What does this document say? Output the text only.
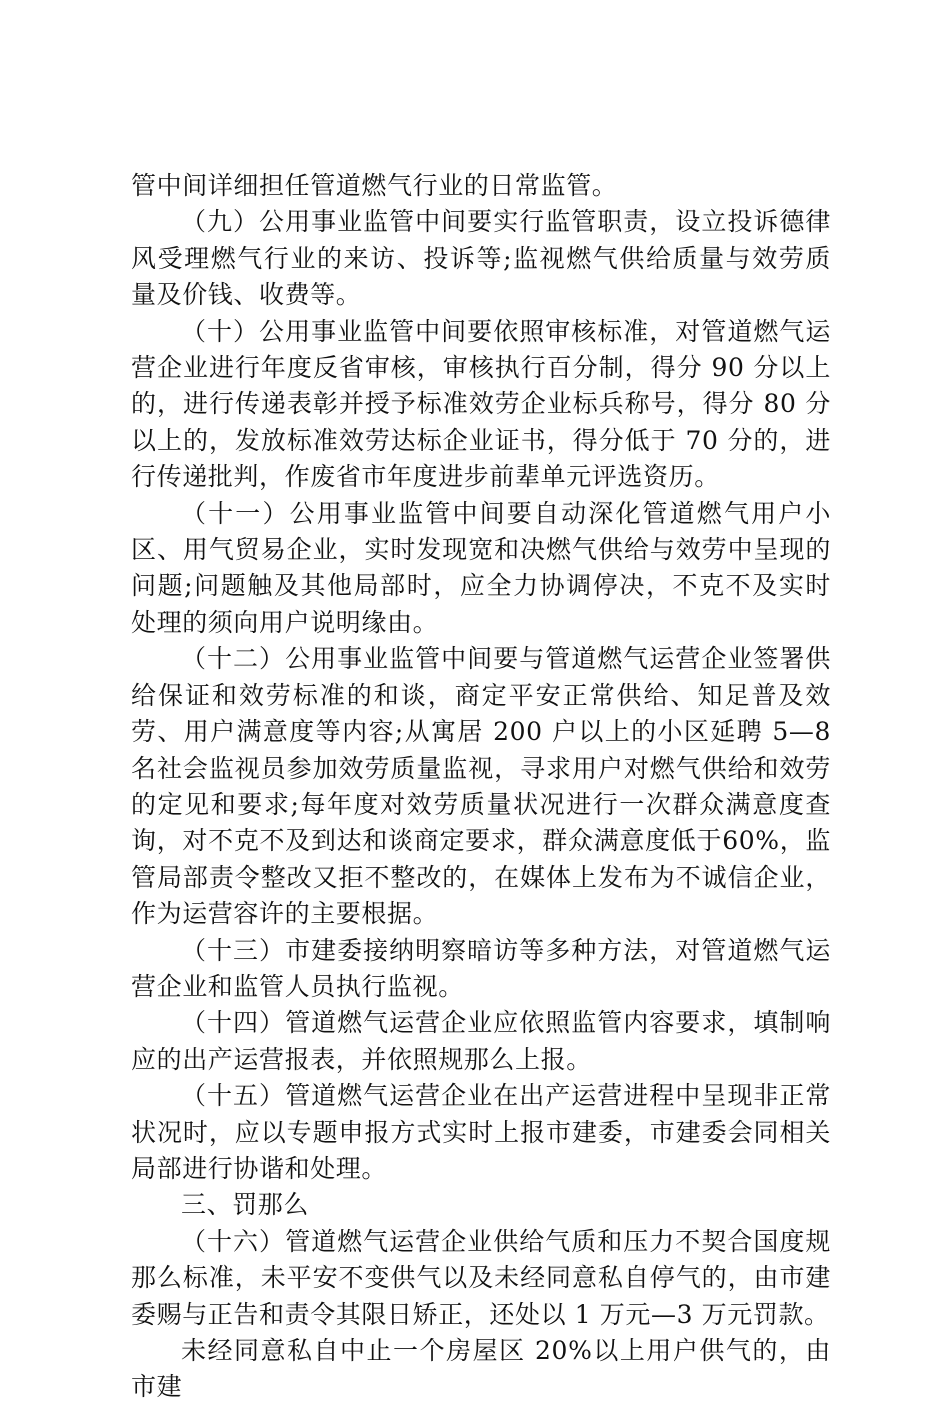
管中间详细担任管道燃气行业的日常监管。

（九）公用事业监管中间要实行监管职责，设立投诉德律风受理燃气行业的来访、投诉等;监视燃气供给质量与效劳质量及价钱、收费等。

（十）公用事业监管中间要依照审核标准，对管道燃气运营企业进行年度反省审核，审核执行百分制，得分 90 分以上的，进行传递表彰并授予标准效劳企业标兵称号，得分 80 分以上的，发放标准效劳达标企业证书，得分低于 70 分的，进行传递批判，作废省市年度进步前辈单元评选资历。

（十一）公用事业监管中间要自动深化管道燃气用户小区、用气贸易企业，实时发现宽和决燃气供给与效劳中呈现的问题;问题触及其他局部时，应全力协调停决，不克不及实时处理的须向用户说明缘由。

（十二）公用事业监管中间要与管道燃气运营企业签署供给保证和效劳标准的和谈，商定平安正常供给、知足普及效劳、用户满意度等内容;从寓居 200 户以上的小区延聘 5—8 名社会监视员参加效劳质量监视，寻求用户对燃气供给和效劳的定见和要求;每年度对效劳质量状况进行一次群众满意度查询，对不克不及到达和谈商定要求，群众满意度低于60%，监管局部责令整改又拒不整改的，在媒体上发布为不诚信企业，作为运营容许的主要根据。

（十三）市建委接纳明察暗访等多种方法，对管道燃气运营企业和监管人员执行监视。

（十四）管道燃气运营企业应依照监管内容要求，填制响应的出产运营报表，并依照规那么上报。

（十五）管道燃气运营企业在出产运营进程中呈现非正常状况时，应以专题申报方式实时上报市建委，市建委会同相关局部进行协谐和处理。

三、罚那么

（十六）管道燃气运营企业供给气质和压力不契合国度规那么标准，未平安不变供气以及未经同意私自停气的，由市建委赐与正告和责令其限日矫正，还处以 1 万元—3 万元罚款。

未经同意私自中止一个房屋区 20%以上用户供气的，由市建
